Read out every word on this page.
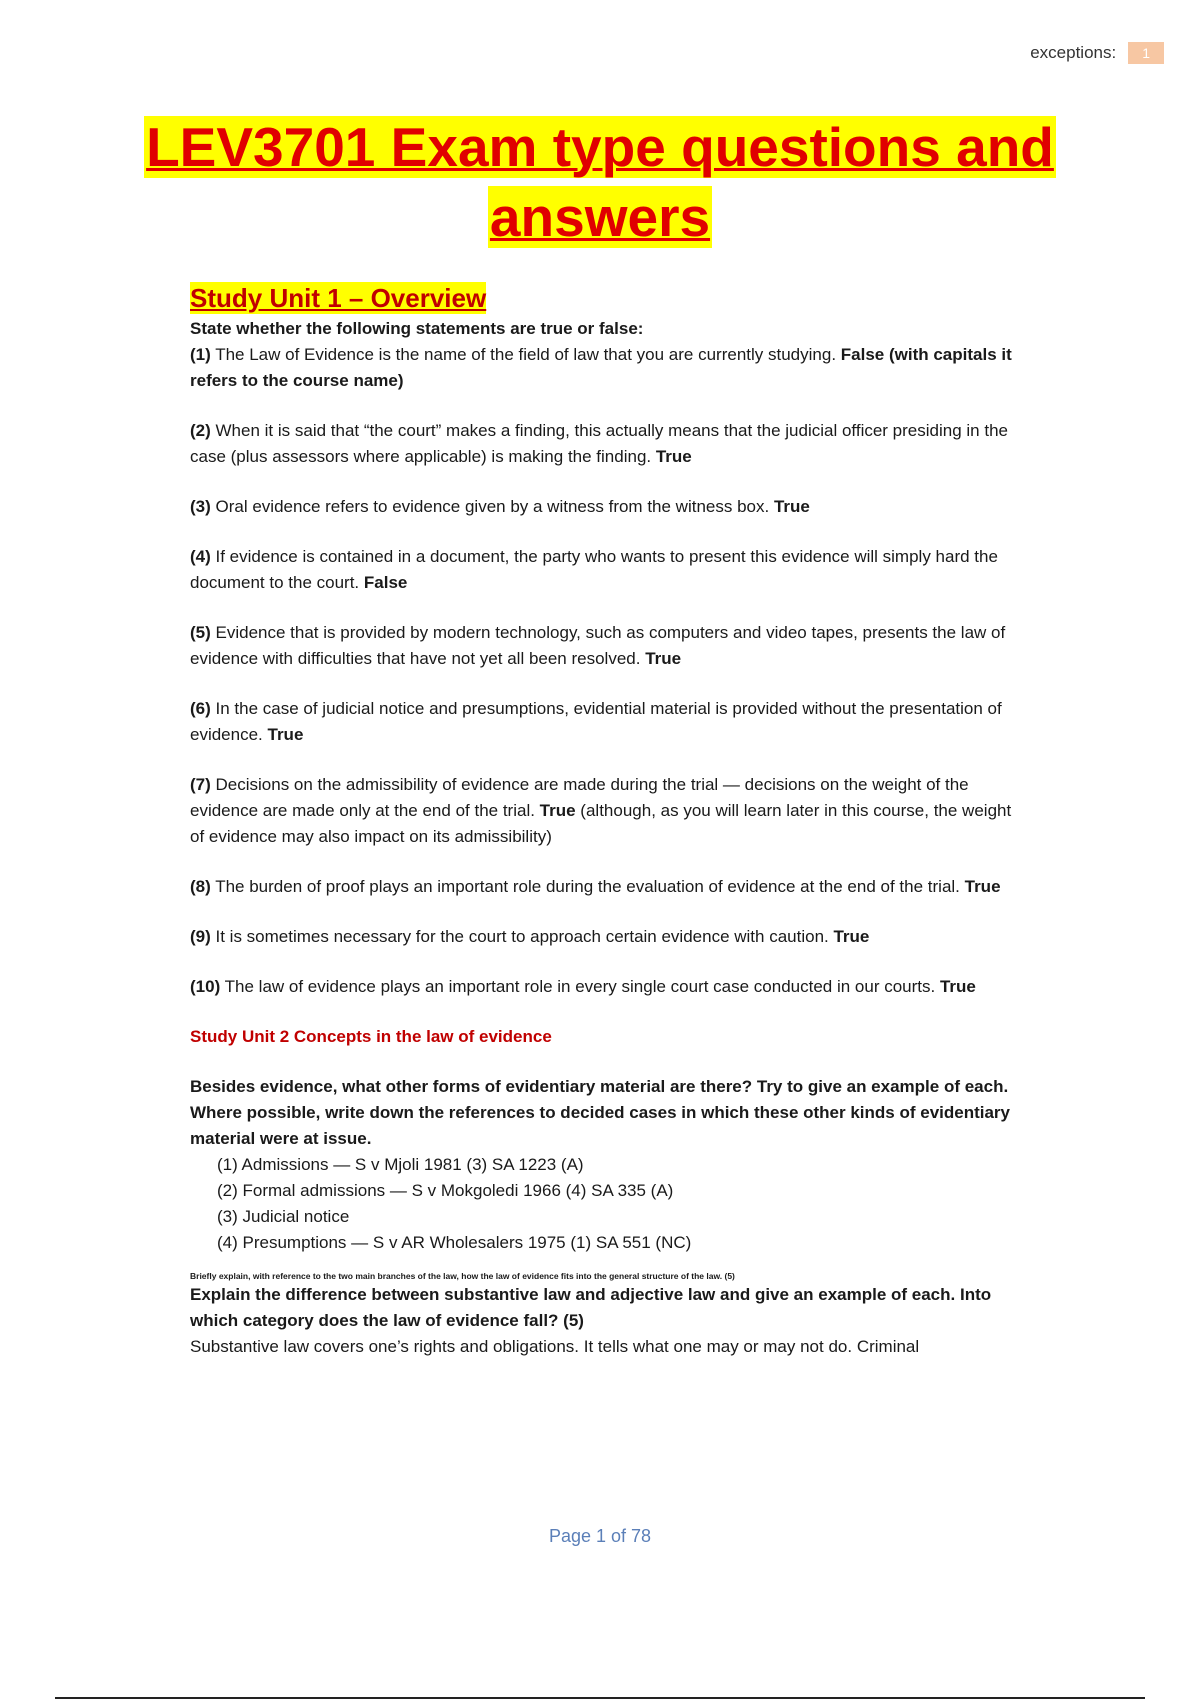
exceptions:	1
LEV3701 Exam type questions and
answers
Study Unit 1 – Overview
State whether the following statements are true or false:
(1) The Law of Evidence is the name of the field of law that you are currently studying. False (with capitals it refers to the course name)
(2) When it is said that “the court” makes a finding, this actually means that the judicial officer presiding in the case (plus assessors where applicable) is making the finding. True
(3) Oral evidence refers to evidence given by a witness from the witness box. True
(4) If evidence is contained in a document, the party who wants to present this evidence will simply hard the document to the court. False
(5) Evidence that is provided by modern technology, such as computers and video tapes, presents the law of evidence with difficulties that have not yet all been resolved. True
(6) In the case of judicial notice and presumptions, evidential material is provided without the presentation of evidence. True
(7) Decisions on the admissibility of evidence are made during the trial — decisions on the weight of the evidence are made only at the end of the trial. True (although, as you will learn later in this course, the weight of evidence may also impact on its admissibility)
(8) The burden of proof plays an important role during the evaluation of evidence at the end of the trial. True
(9) It is sometimes necessary for the court to approach certain evidence with caution. True
(10) The law of evidence plays an important role in every single court case conducted in our courts. True
Study Unit 2 Concepts in the law of evidence
Besides evidence, what other forms of evidentiary material are there? Try to give an example of each. Where possible, write down the references to decided cases in which these other kinds of evidentiary material were at issue.
(1) Admissions — S v Mjoli 1981 (3) SA 1223 (A)
(2) Formal admissions — S v Mokgoledi 1966 (4) SA 335 (A)
(3) Judicial notice
(4) Presumptions — S v AR Wholesalers 1975 (1) SA 551 (NC)
Briefly explain, with reference to the two main branches of the law, how the law of evidence fits into the general structure of the law. (5)
Explain the difference between substantive law and adjective law and give an example of each. Into which category does the law of evidence fall? (5)
Substantive law covers one’s rights and obligations. It tells what one may or may not do. Criminal
Page 1 of 78
